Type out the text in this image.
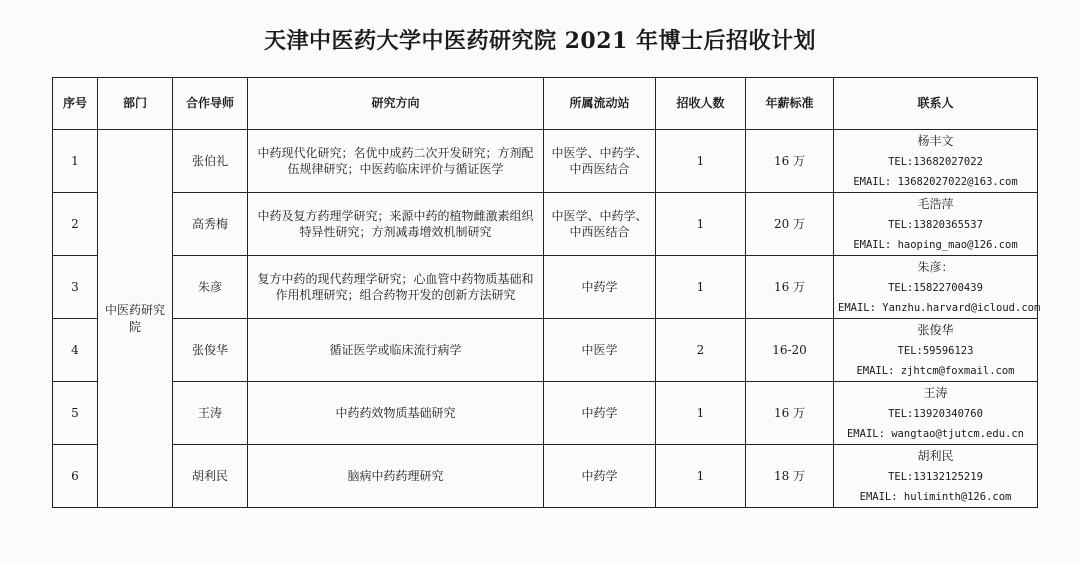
天津中医药大学中医药研究院 2021 年博士后招收计划
序号	部门	合作导师	研究方向	所属流动站	招收人数	年薪标准	联系人
1	中医药研究院	张伯礼	中药现代化研究；名优中成药二次开发研究；方剂配伍规律研究；中医药临床评价与循证医学	中医学、中药学、中西医结合	1	16 万	杨丰文
TEL:13682027022
EMAIL: 13682027022@163.com

2		高秀梅	中药及复方药理学研究；来源中药的植物雌激素组织特异性研究；方剂减毒增效机制研究	中医学、中药学、中西医结合	1	20 万	毛浩萍
TEL:13820365537
EMAIL: haoping_mao@126.com

3		朱彦	复方中药的现代药理学研究；心血管中药物质基础和作用机理研究；组合药物开发的创新方法研究	中药学	1	16 万	朱彦：
TEL:15822700439
EMAIL: Yanzhu.harvard@icloud.com

4		张俊华	循证医学或临床流行病学	中医学	2	16-20	张俊华
TEL:59596123
EMAIL: zjhtcm@foxmail.com

5		王涛	中药药效物质基础研究	中药学	1	16 万	王涛
TEL:13920340760
EMAIL: wangtao@tjutcm.edu.cn

6		胡利民	脑病中药药理研究	中药学	1	18 万	胡利民
TEL:13132125219
EMAIL: huliminth@126.com
